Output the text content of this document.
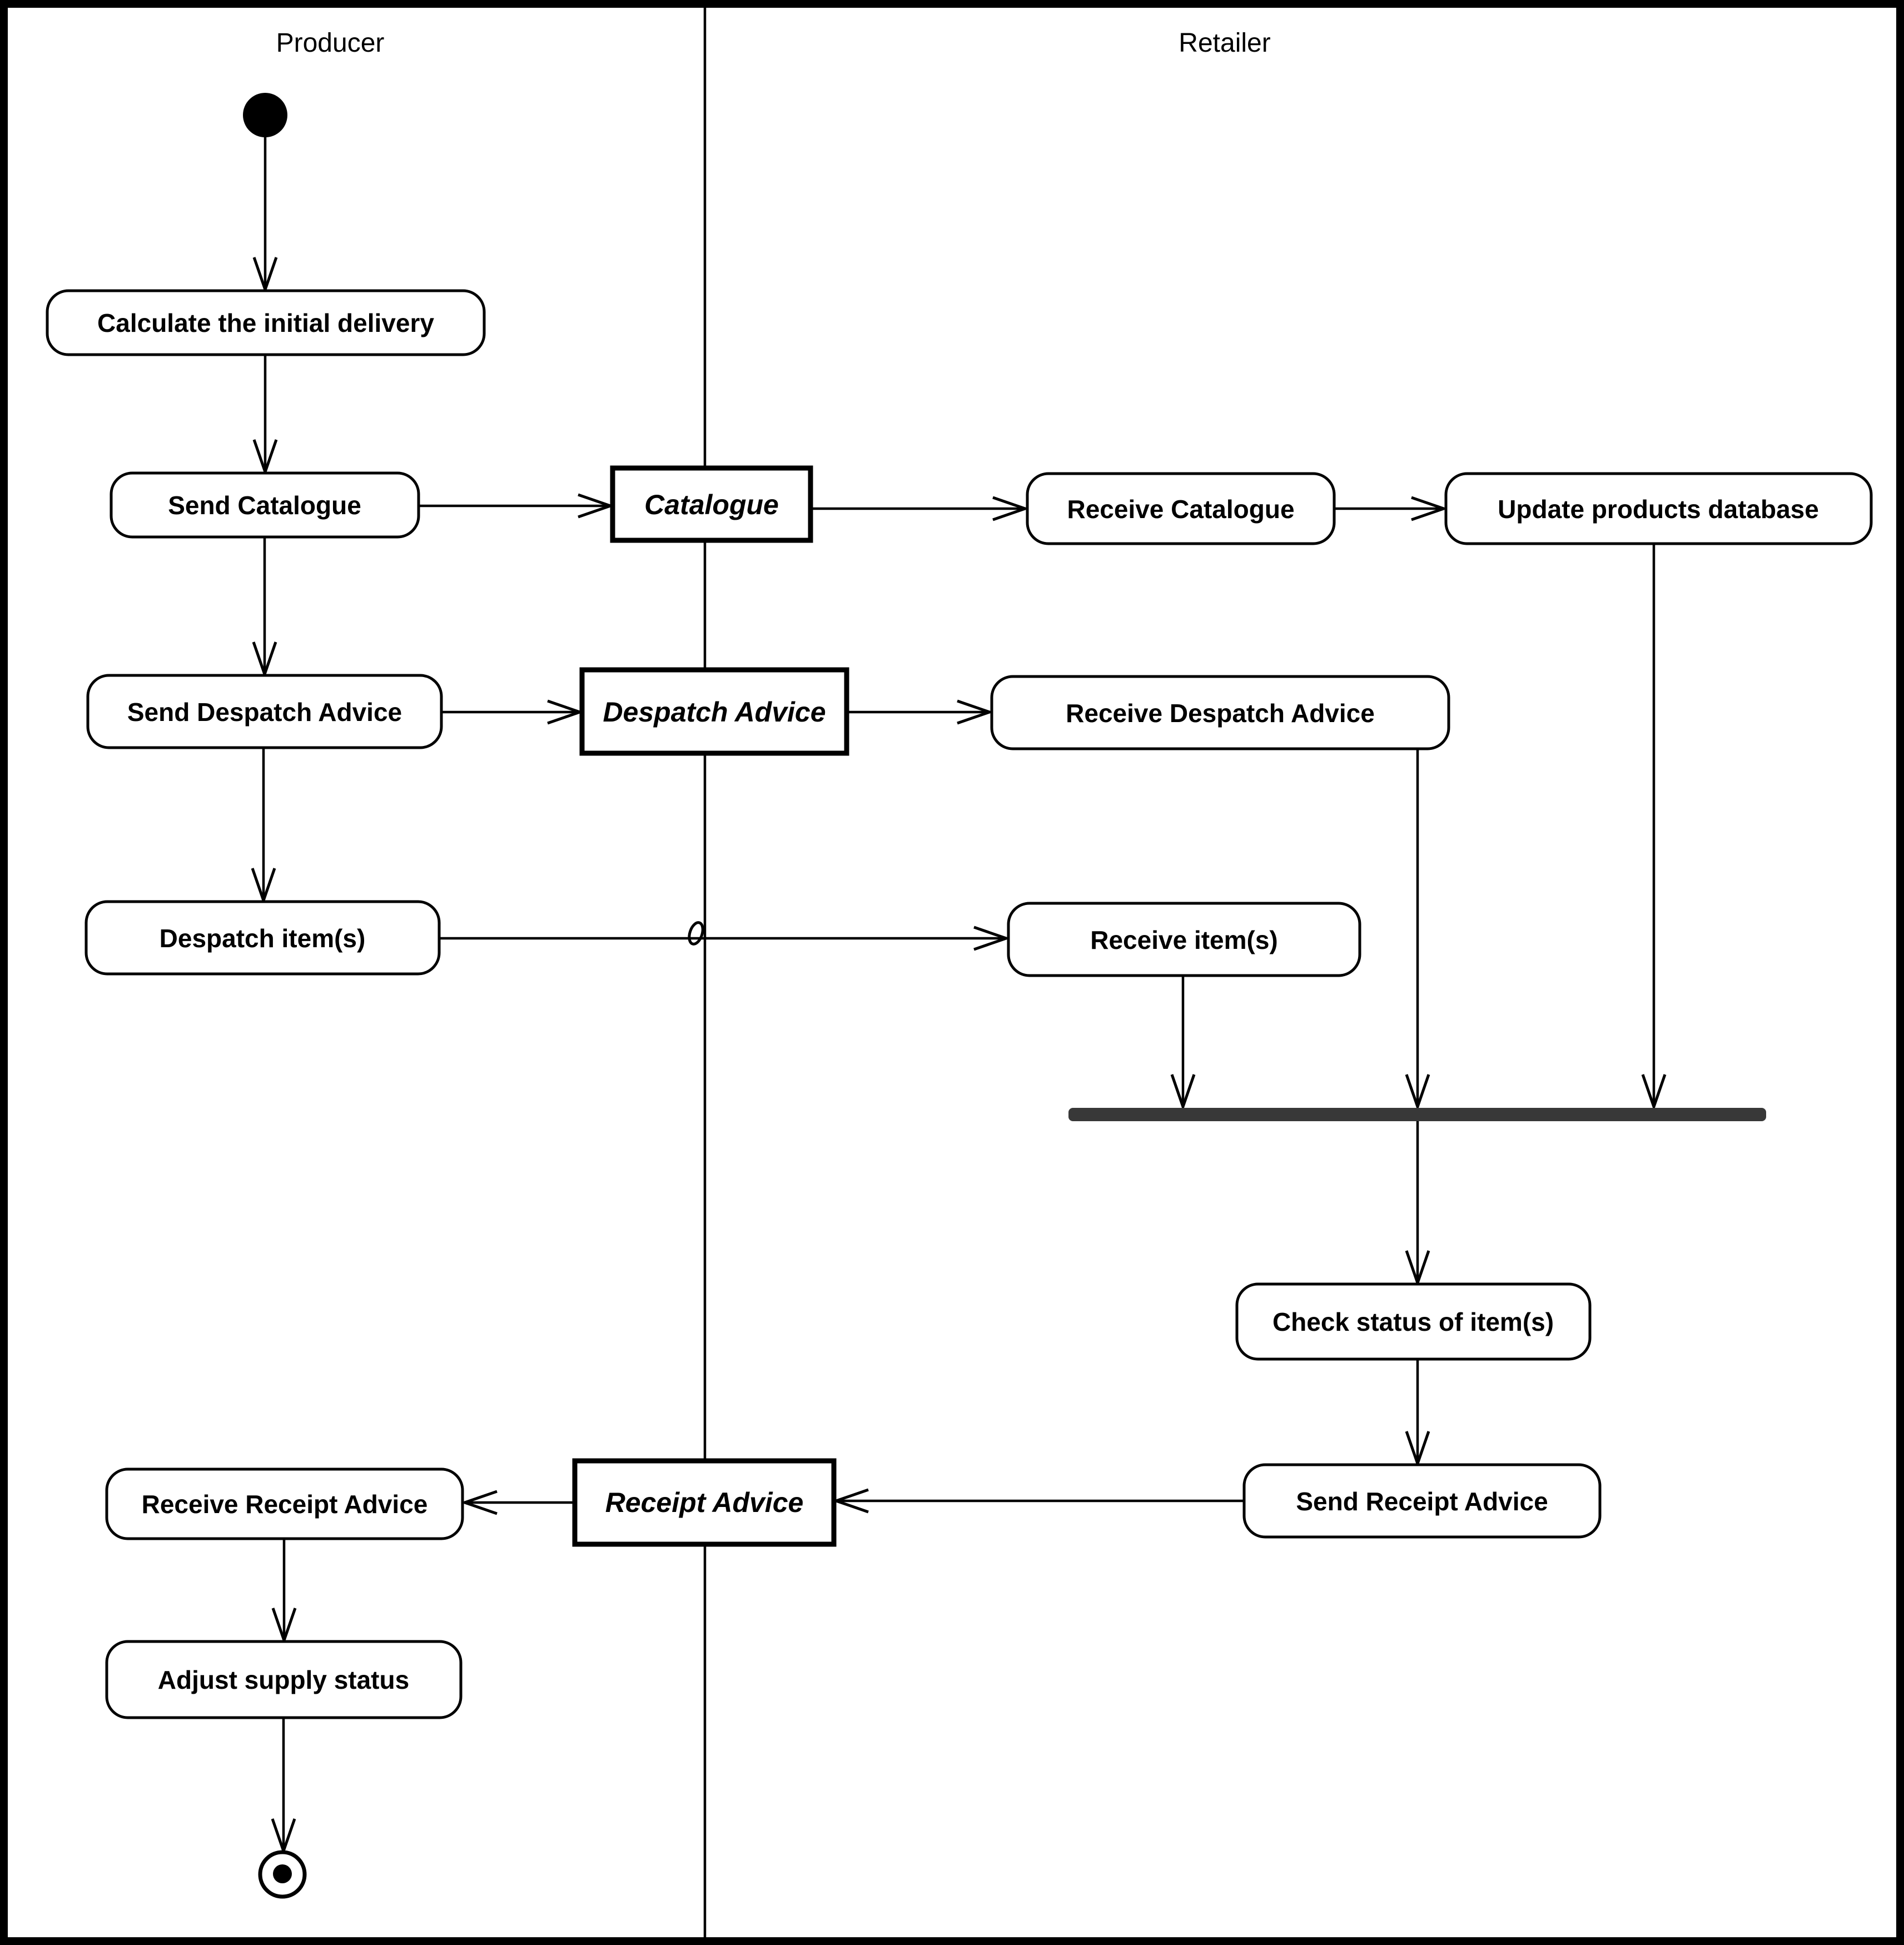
Producer	Retailer
Calculate the initial delivery
Send Catalogue
Send Despatch Advice
Despatch item(s)
Receive Receipt Advice
Adjust supply status
Receive Catalogue	Update products database
Receive Despatch Advice
Receive item(s)
Check status of item(s)
Send Receipt Advice
Catalogue
Despatch Advice
Receipt Advice
